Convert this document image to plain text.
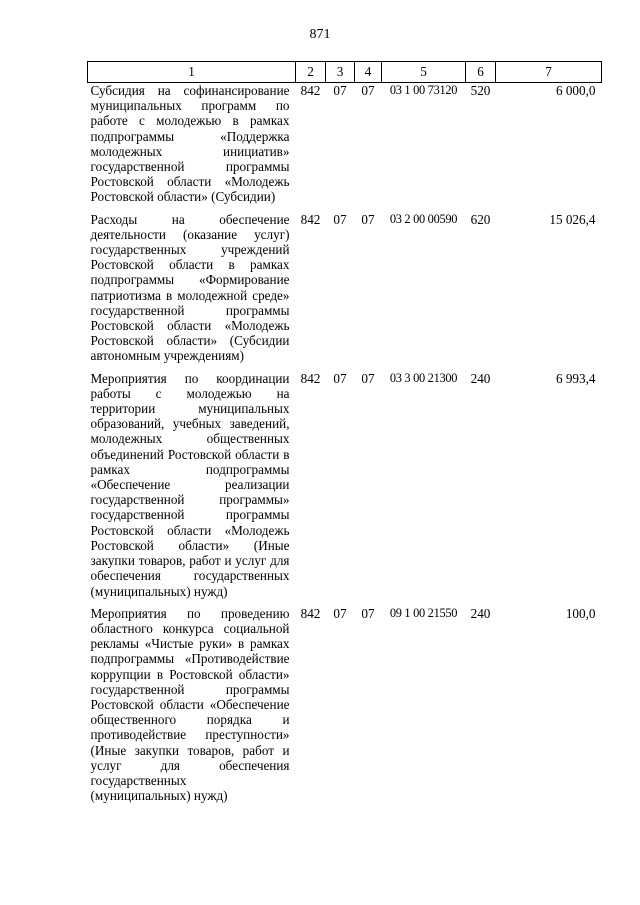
871
1	2	3	4	5	6	7
Субсидия на софинансирование муниципальных программ по работе с молодежью в рамках подпрограммы «Поддержка молодежных инициатив» государственной программы Ростовской области «Молодежь Ростовской области» (Субсидии)	842	07	07	03 1 00 73120	520	6 000,0
Расходы на обеспечение деятельности (оказание услуг) государственных учреждений Ростовской области в рамках подпрограммы «Формирование патриотизма в молодежной среде» государственной программы Ростовской области «Молодежь Ростовской области» (Субсидии автономным учреждениям)	842	07	07	03 2 00 00590	620	15 026,4
Мероприятия по координации работы с молодежью на территории муниципальных образований, учебных заведений, молодежных общественных объединений Ростовской области в рамках подпрограммы «Обеспечение реализации государственной программы» государственной программы Ростовской области «Молодежь Ростовской области» (Иные закупки товаров, работ и услуг для обеспечения государственных (муниципальных) нужд)	842	07	07	03 3 00 21300	240	6 993,4
Мероприятия по проведению областного конкурса социальной рекламы «Чистые руки» в рамках подпрограммы «Противодействие коррупции в Ростовской области» государственной программы Ростовской области «Обеспечение общественного порядка и противодействие преступности» (Иные закупки товаров, работ и услуг для обеспечения государственных (муниципальных) нужд)	842	07	07	09 1 00 21550	240	100,0
